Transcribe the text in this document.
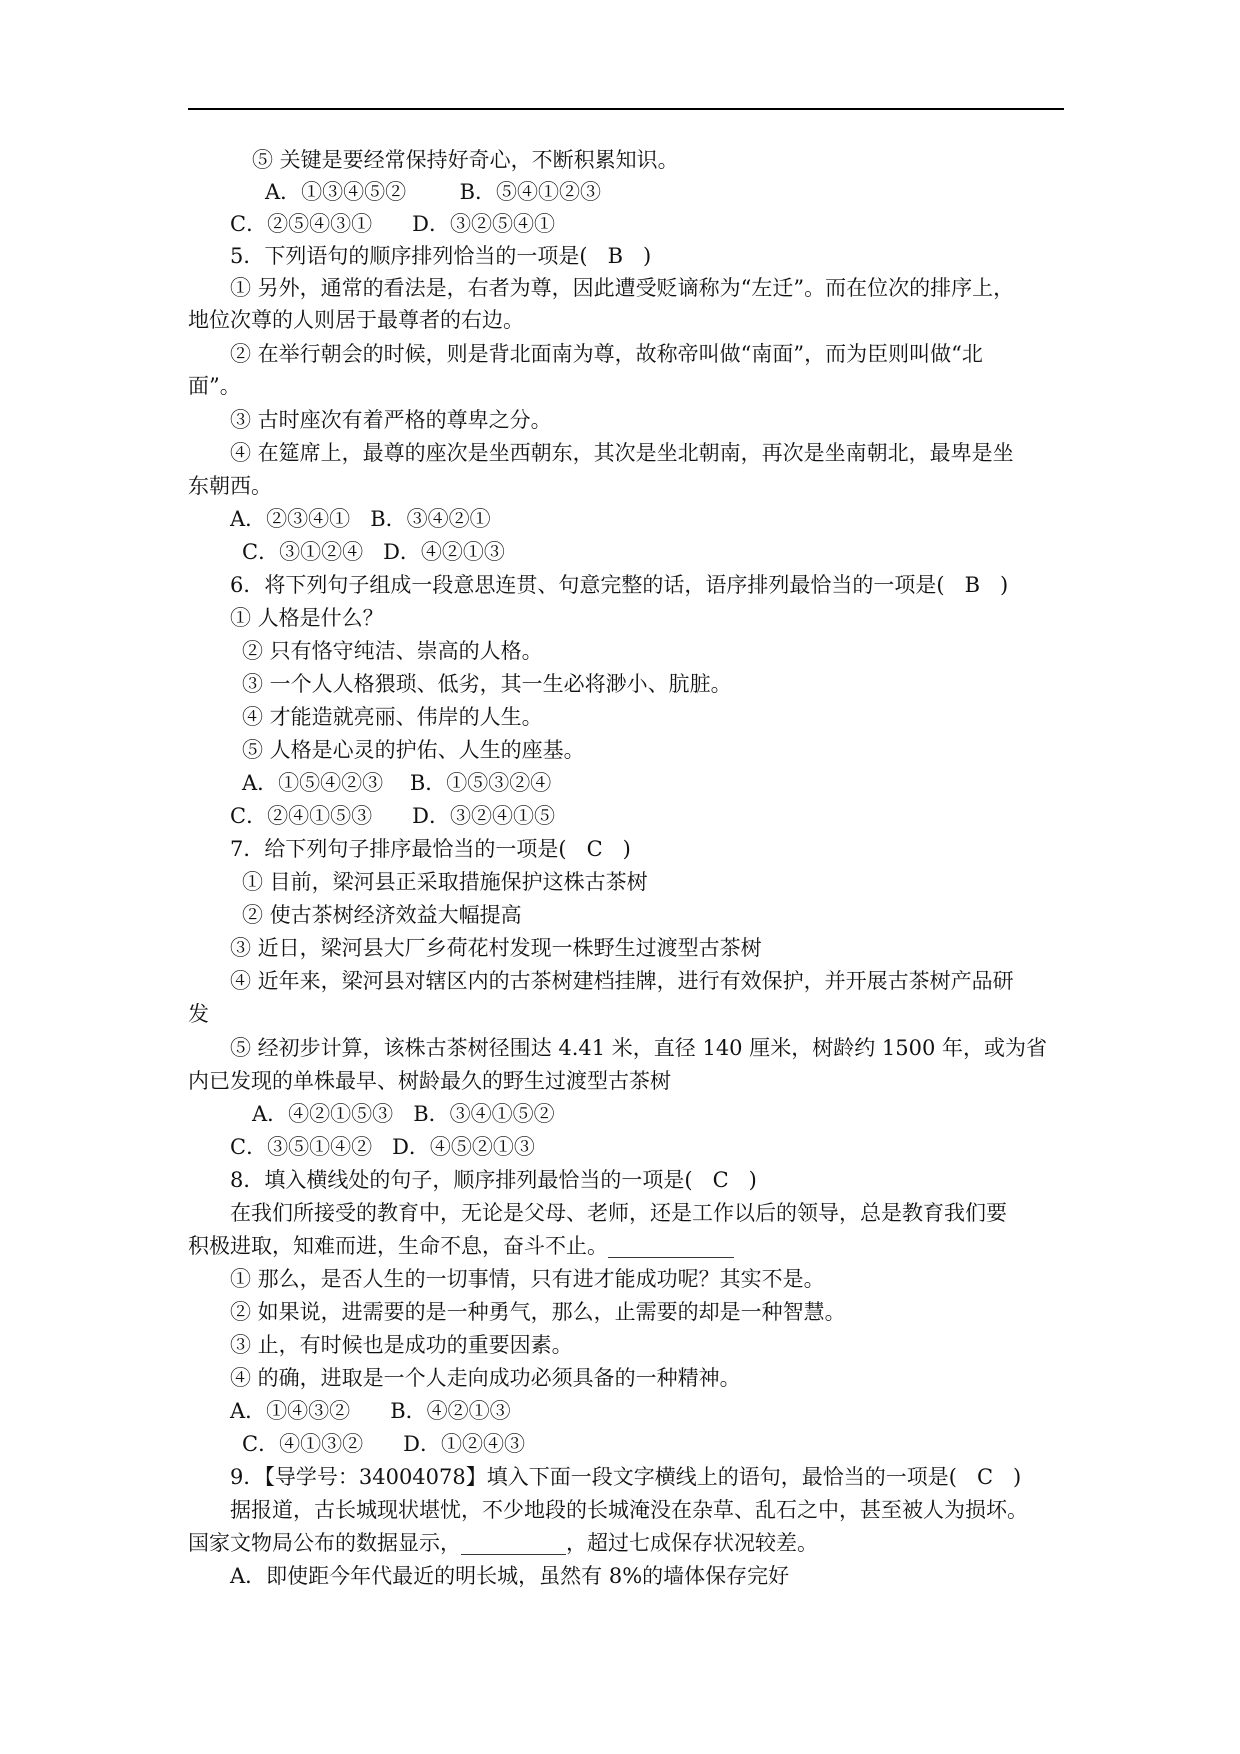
⑤ 关键是要经常保持好奇心，不断积累知识。
A．①③④⑤②        B．⑤④①②③
C．②⑤④③①      D．③②⑤④①
5．下列语句的顺序排列恰当的一项是(   B   )
① 另外，通常的看法是，右者为尊，因此遭受贬谪称为“左迁”。而在位次的排序上，
地位次尊的人则居于最尊者的右边。
② 在举行朝会的时候，则是背北面南为尊，故称帝叫做“南面”，而为臣则叫做“北
面”。
③ 古时座次有着严格的尊卑之分。
④ 在筵席上，最尊的座次是坐西朝东，其次是坐北朝南，再次是坐南朝北，最卑是坐
东朝西。
A．②③④①   B．③④②①
C．③①②④   D．④②①③
6．将下列句子组成一段意思连贯、句意完整的话，语序排列最恰当的一项是(   B   )
① 人格是什么？
② 只有恪守纯洁、崇高的人格。
③ 一个人人格猥琐、低劣，其一生必将渺小、肮脏。
④ 才能造就亮丽、伟岸的人生。
⑤ 人格是心灵的护佑、人生的座基。
A．①⑤④②③    B．①⑤③②④
C．②④①⑤③      D．③②④①⑤
7．给下列句子排序最恰当的一项是(   C   )
① 目前，梁河县正采取措施保护这株古茶树
② 使古茶树经济效益大幅提高
③ 近日，梁河县大厂乡荷花村发现一株野生过渡型古茶树
④ 近年来，梁河县对辖区内的古茶树建档挂牌，进行有效保护，并开展古茶树产品研
发
⑤ 经初步计算，该株古茶树径围达 4.41 米，直径 140 厘米，树龄约 1500 年，或为省
内已发现的单株最早、树龄最久的野生过渡型古茶树
A．④②①⑤③   B．③④①⑤②
C．③⑤①④②   D．④⑤②①③
8．填入横线处的句子，顺序排列最恰当的一项是(   C   )
在我们所接受的教育中，无论是父母、老师，还是工作以后的领导，总是教育我们要
积极进取，知难而进，生命不息，奋斗不止。____________
① 那么，是否人生的一切事情，只有进才能成功呢？其实不是。
② 如果说，进需要的是一种勇气，那么，止需要的却是一种智慧。
③ 止，有时候也是成功的重要因素。
④ 的确，进取是一个人走向成功必须具备的一种精神。
A．①④③②      B．④②①③
C．④①③②      D．①②④③
9．【导学号：34004078】填入下面一段文字横线上的语句，最恰当的一项是(   C   )
据报道，古长城现状堪忧，不少地段的长城淹没在杂草、乱石之中，甚至被人为损坏。
国家文物局公布的数据显示，__________，超过七成保存状况较差。
A．即使距今年代最近的明长城，虽然有 8%的墙体保存完好
